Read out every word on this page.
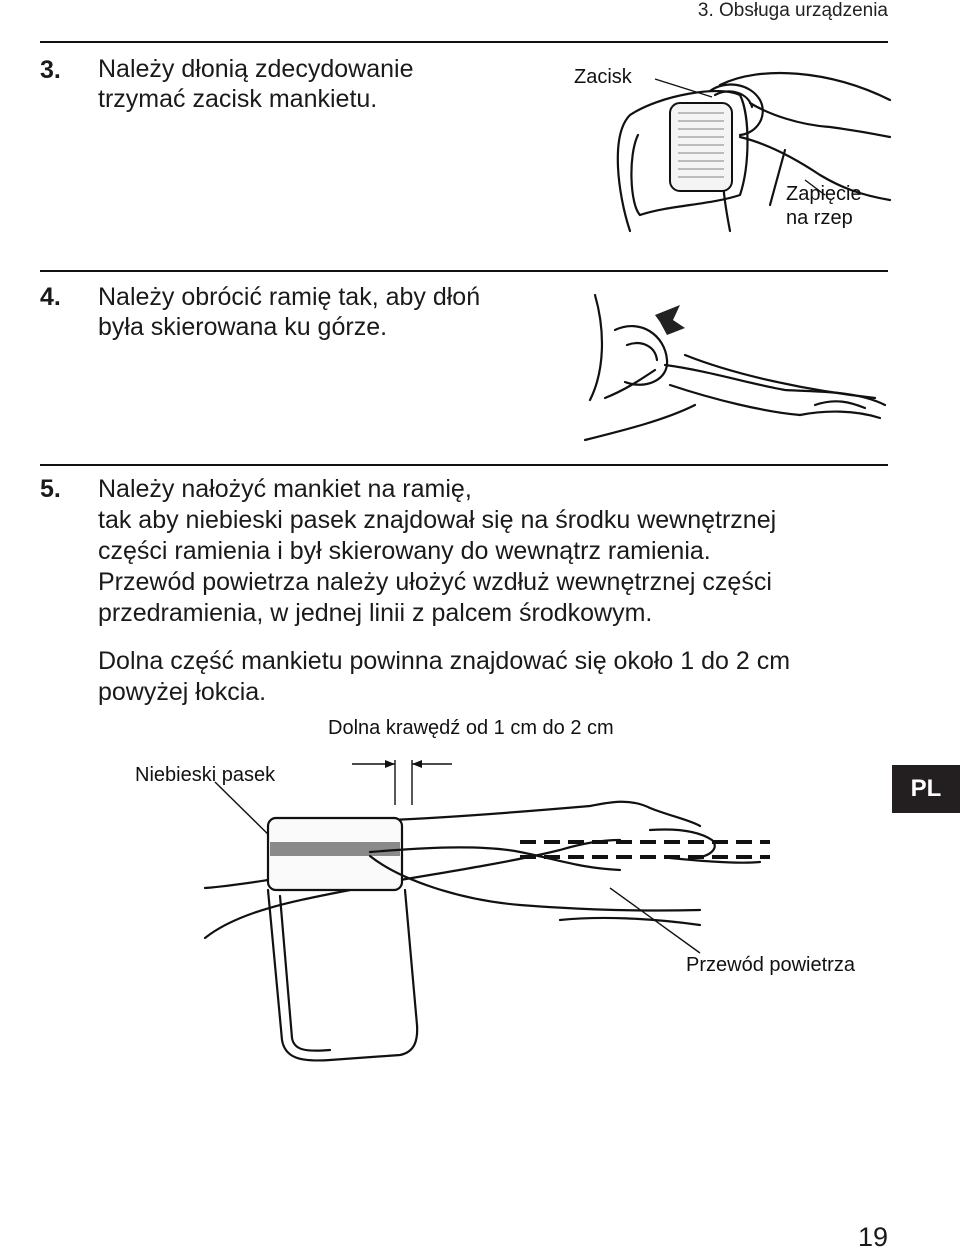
3. Obsługa urządzenia
3. Należy dłonią zdecydowanie
trzymać zacisk mankietu.
Zacisk
Zapięcie
na rzep
4. Należy obrócić ramię tak, aby dłoń
była skierowana ku górze.
5. Należy nałożyć mankiet na ramię,
tak aby niebieski pasek znajdował się na środku wewnętrznej
części ramienia i był skierowany do wewnątrz ramienia.
Przewód powietrza należy ułożyć wzdłuż wewnętrznej części
przedramienia, w jednej linii z palcem środkowym.
Dolna część mankietu powinna znajdować się około 1 do 2 cm
powyżej łokcia.
Dolna krawędź od 1 cm do 2 cm
Niebieski pasek
Przewód powietrza
PL
19
